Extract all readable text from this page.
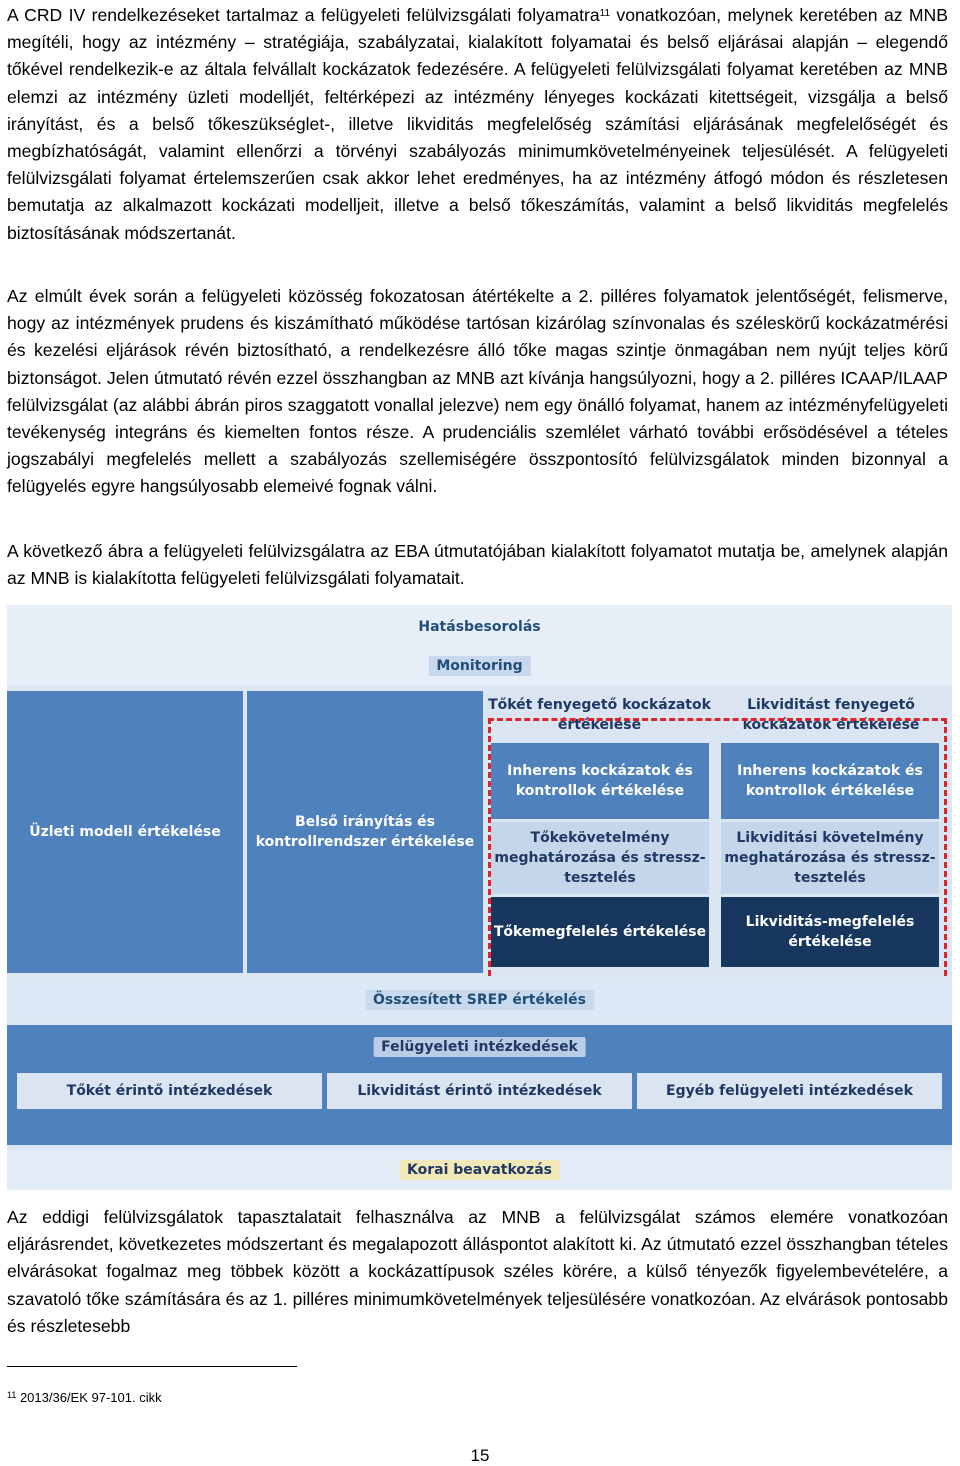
A CRD IV rendelkezéseket tartalmaz a felügyeleti felülvizsgálati folyamatra$^{11}$ vonatkozóan, melynek keretében az MNB megítéli, hogy az intézmény – stratégiája, szabályzatai, kialakított folyamatai és belső eljárásai alapján – elegendő tőkével rendelkezik-e az általa felvállalt kockázatok fedezésére. A felügyeleti felülvizsgálati folyamat keretében az MNB elemzi az intézmény üzleti modelljét, feltérképezi az intézmény lényeges kockázati kitettségeit, vizsgálja a belső irányítást, és a belső tőkeszükséglet-, illetve likviditás megfelelőség számítási eljárásának megfelelőségét és megbízhatóságát, valamint ellenőrzi a törvényi szabályozás minimumkövetelményeinek teljesülését. A felügyeleti felülvizsgálati folyamat értelemszerűen csak akkor lehet eredményes, ha az intézmény átfogó módon és részletesen bemutatja az alkalmazott kockázati modelljeit, illetve a belső tőkeszámítás, valamint a belső likviditás megfelelés biztosításának módszertanát.

Az elmúlt évek során a felügyeleti közösség fokozatosan átértékelte a 2. pilléres folyamatok jelentőségét, felismerve, hogy az intézmények prudens és kiszámítható működése tartósan kizárólag színvonalas és széleskörű kockázatmérési és kezelési eljárások révén biztosítható, a rendelkezésre álló tőke magas szintje önmagában nem nyújt teljes körű biztonságot. Jelen útmutató révén ezzel összhangban az MNB azt kívánja hangsúlyozni, hogy a 2. pilléres ICAAP/ILAAP felülvizsgálat (az alábbi ábrán piros szaggatott vonallal jelezve) nem egy önálló folyamat, hanem az intézményfelügyeleti tevékenység integráns és kiemelten fontos része. A prudenciális szemlélet várható további erősödésével a tételes jogszabályi megfelelés mellett a szabályozás szellemiségére összpontosító felülvizsgálatok minden bizonnyal a felügyelés egyre hangsúlyosabb elemeivé fognak válni.

A következő ábra a felügyeleti felülvizsgálatra az EBA útmutatójában kialakított folyamatot mutatja be, amelynek alapján az MNB is kialakította felügyeleti felülvizsgálati folyamatait.

Hatásbesorolás
Monitoring
Üzleti modell értékelése
Belső irányítás és kontrollrendszer értékelése
Tőkét fenyegető kockázatok értékelése
Likviditást fenyegető kockázatok értékelése
Inherens kockázatok és kontrollok értékelése
Inherens kockázatok és kontrollok értékelése
Tőkekövetelmény meghatározása és stressz-tesztelés
Likviditási követelmény meghatározása és stressz-tesztelés
Tőkemegfelelés értékelése
Likviditás-megfelelés értékelése
Összesített SREP értékelés
Felügyeleti intézkedések
Tőkét érintő intézkedések	Likviditást érintő intézkedések	Egyéb felügyeleti intézkedések
Korai beavatkozás

Az eddigi felülvizsgálatok tapasztalatait felhasználva az MNB a felülvizsgálat számos elemére vonatkozóan eljárásrendet, következetes módszertant és megalapozott álláspontot alakított ki. Az útmutató ezzel összhangban tételes elvárásokat fogalmaz meg többek között a kockázattípusok széles körére, a külső tényezők figyelembevételére, a szavatoló tőke számítására és az 1. pilléres minimumkövetelmények teljesülésére vonatkozóan. Az elvárások pontosabb és részletesebb

$^{11}$ 2013/36/EK 97-101. cikk
15
